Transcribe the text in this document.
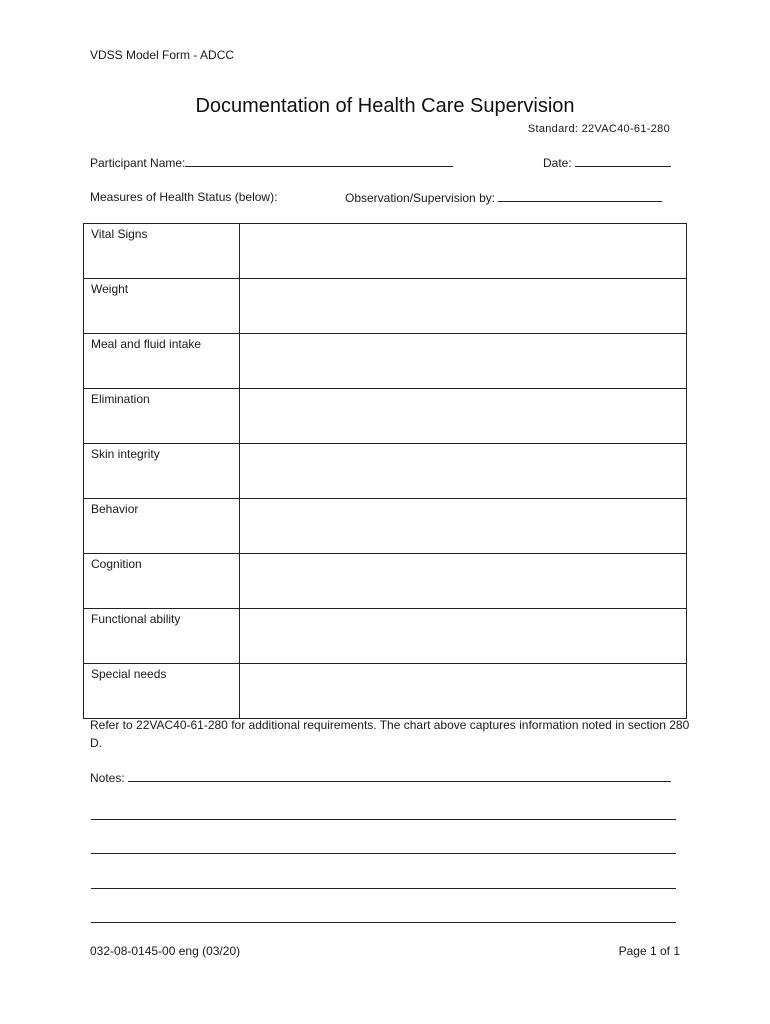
VDSS Model Form - ADCC
Documentation of Health Care Supervision
Standard: 22VAC40-61-280
Participant Name:	Date:
Measures of Health Status (below):	Observation/Supervision by:
Vital Signs	
Weight	
Meal and fluid intake	
Elimination	
Skin integrity	
Behavior	
Cognition	
Functional ability	
Special needs	
Refer to 22VAC40-61-280 for additional requirements. The chart above captures information noted in section 280 D.
Notes:
032-08-0145-00 eng (03/20)	Page 1 of 1
